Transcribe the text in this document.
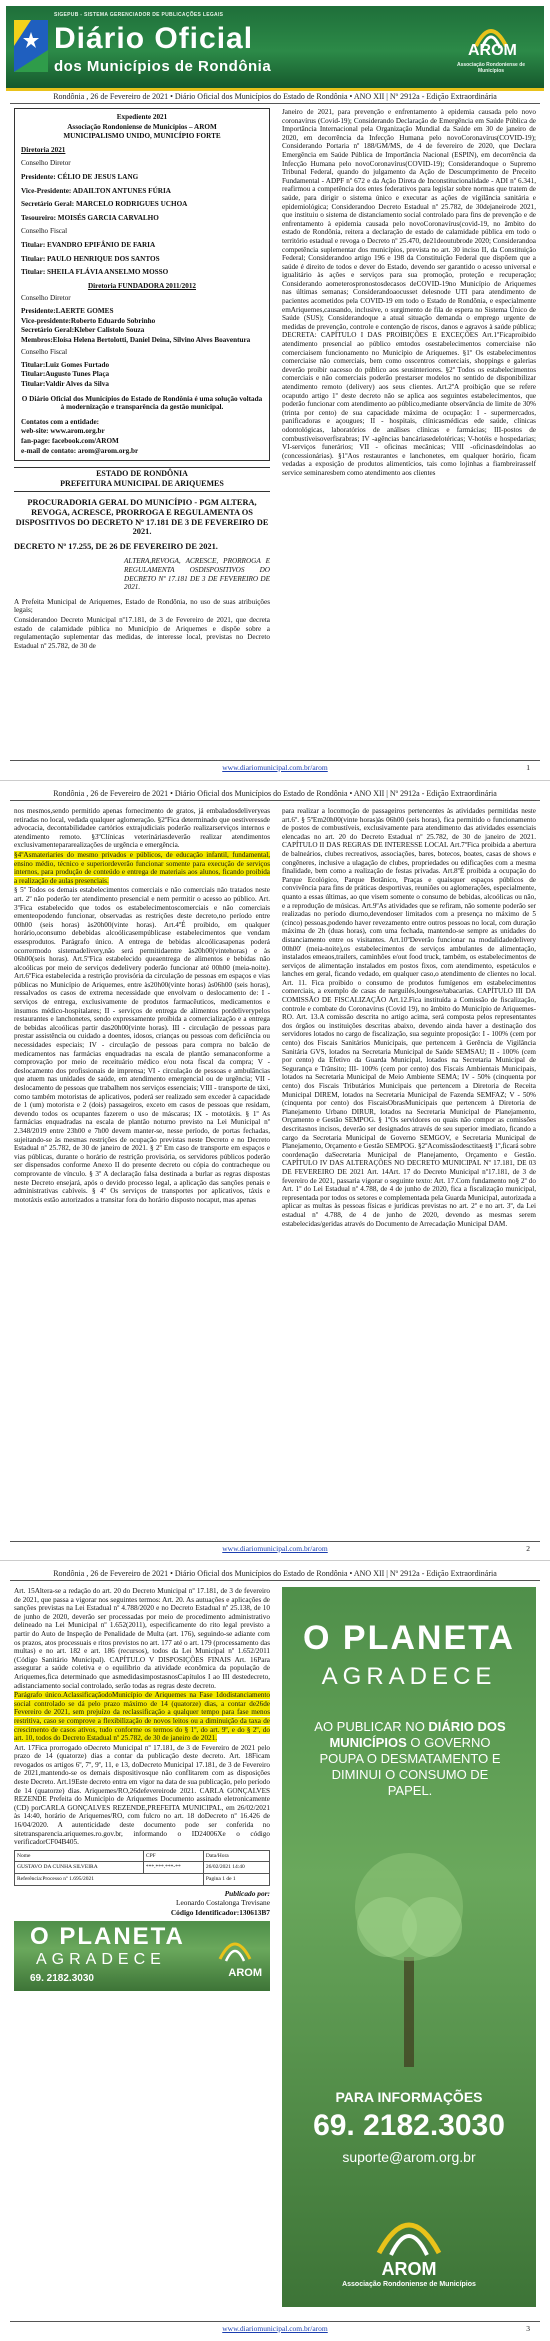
SIGEPUB - SISTEMA GERENCIADOR DE PUBLICAÇÕES LEGAIS
Diário Oficial
dos Municípios de Rondônia
AROM
Associação Rondoniense de Municípios
Rondônia , 26 de Fevereiro de 2021 • Diário Oficial dos Municípios do Estado de Rondônia • ANO XII | Nº 2912a - Edição Extraordinária

Expediente 2021

Associação Rondoniense de Municípios – AROM

MUNICIPALISMO UNIDO, MUNICÍPIO FORTE

Diretoria 2021

Conselho Diretor

Presidente: CÉLIO DE JESUS LANG

Vice-Presidente: ADAILTON ANTUNES FÚRIA

Secretário Geral: MARCELO RODRIGUES UCHOA

Tesoureiro: MOISÉS GARCIA CARVALHO

Conselho Fiscal

Titular: EVANDRO EPIFÂNIO DE FARIA

Titular: PAULO HENRIQUE DOS SANTOS

Titular: SHEILA FLÁVIA ANSELMO MOSSO

Diretoria FUNDADORA 2011/2012

Conselho Diretor

Presidente:LAERTE GOMES

Vice-presidente:Roberto Eduardo Sobrinho

Secretário Geral:Kleber Calistolo Souza

Membros:Eloísa Helena Bertolotti, Daniel Deina, Silvino Alves Boaventura

Conselho Fiscal

Titular:Luiz Gomes Furtado

Titular:Augusto Tunes Plaça

Titular:Valdir Alves da Silva

O Diário Oficial dos Municípios do Estado de Rondônia é uma solução voltada à modernização e transparência da gestão municipal.

Contatos com a entidade:

web-site: www.arom.org.br

fan-page: facebook.com/AROM

e-mail de contato: arom@arom.org.br

ESTADO DE RONDÔNIA

PREFEITURA MUNICIPAL DE ARIQUEMES

PROCURADORIA GERAL DO MUNICÍPIO - PGM ALTERA, REVOGA, ACRESCE, PRORROGA E REGULAMENTA OS DISPOSITIVOS DO DECRETO Nº 17.181 DE 3 DE FEVEREIRO DE 2021.

DECRETO Nº 17.255, DE 26 DE FEVEREIRO DE 2021.

ALTERA,REVOGA, ACRESCE, PRORROGA E REGULAMENTA OSDISPOSITIVOS DO DECRETO Nº 17.181 DE 3 DE FEVEREIRO DE 2021.

A Prefeita Municipal de Ariquemes, Estado de Rondônia, no uso de suas atribuições legais;

Considerandoo Decreto Municipal nº17.181, de 3 de Fevereiro de 2021, que decreta estado de calamidade pública no Município de Ariquemes e dispõe sobre a regulamentação suplementar das medidas, de interesse local, previstas no Decreto Estadual nº 25.782, de 30 de

Janeiro de 2021, para prevenção e enfrentamento à epidemia causada pelo novo coronavírus (Covid-19); Considerando Declaração de Emergência em Saúde Pública de Importância Internacional pela Organização Mundial da Saúde em 30 de janeiro de 2020, em decorrência da Infecção Humana pelo novoCoronavírus(COVID-19); Considerando Portaria nº 188/GM/MS, de 4 de fevereiro de 2020, que Declara Emergência em Saúde Pública de Importância Nacional (ESPIN), em decorrência da Infecção Humana pelo novoCoronavírus(COVID-19); Considerandoque o Supremo Tribunal Federal, quando do julgamento da Ação de Descumprimento de Preceito Fundamental - ADPF nº 672 e da Ação Direta de Inconstitucionalidade - ADI nº 6.341, reafirmou a competência dos entes federativos para legislar sobre normas que tratem de saúde, para dirigir o sistema único e executar as ações de vigilância sanitária e epidemiológica; Considerandoo Decreto Estadual nº 25.782, de 30dejaneirode 2021, que instituiu o sistema de distanciamento social controlado para fins de prevenção e de enfrentamento à epidemia causada pelo novoCoronavírus(covid-19, no âmbito do estado de Rondônia, reitera a declaração de estado de calamidade pública em todo o território estadual e revoga o Decreto nº 25.470, de21deoutubrode 2020; Considerandoa competência suplementar dos municípios, prevista no art. 30 inciso II, da Constituição Federal; Considerandoo artigo 196 e 198 da Constituição Federal que dispõem que a saúde é direito de todos e dever do Estado, devendo ser garantido o acesso universal e igualitário às ações e serviços para sua promoção, proteção e recuperação; Considerando aometerospronostosdecasos deCOVID-19no Município de Ariquemes nas últimas semanas; Considerandoaocusset delesnode UTI para atendimento de pacientes acometidos pela COVID-19 em todo o Estado de Rondônia, e especialmente emAriquemes,causando, inclusive, o surgimento de fila de espera no Sistema Único de Saúde (SUS); Considerandoque a atual situação demanda o emprego urgente de medidas de prevenção, controle e contenção de riscos, danos e agravos à saúde pública; DECRETA: CAPÍTULO I DAS PROIBIÇÕES E EXCEÇÕES Art.1ºFicaproibido atendimento presencial ao público emtodos osestabelecimentos comerciaise não comerciaisem funcionamento no Município de Ariquemes. §1º Os estabelecimentos comerciaise não comerciais, bem como osscentros comerciais, shoppings e galerias deverão proibir oacesso do público aos seusinteriores. §2º Todos os estabelecimentos comerciais e não comerciais poderão prestarser modelos no sentido de disponibilizar atendimento remoto (delivery) aos seus clientes. Art.2ºA proibição que se refere ocaputdo artigo 1º deste decreto não se aplica aos seguintes estabelecimentos, que poderão funcionar com atendimento ao público,mediante observância de limite de 30% (trinta por cento) de sua capacidade máxima de ocupação: I - supermercados, panificadoras e açougues; II - hospitais, clínicasmédicas ede saúde, clínicas odontológicas, laboratórios de análises clínicas e farmácias; III-postos de combustíveisoverfisrabras; IV -agências bancáriasedelotéricas; V-hotéis e hospedarias; VI-serviços funerários; VII - oficinas mecânicas; VIII -oficinasdeíndolas ao (concessionárias). §1ºAos restaurantes e lanchonetes, em qualquer horário, ficam vedadas a exposição de produtos alimentícios, tais como lojinhas a fiambreirasself service seminaresbem como atendimento aos clientes

www.diariomunicipal.com.br/arom	1
Rondônia , 26 de Fevereiro de 2021 • Diário Oficial dos Municípios do Estado de Rondônia • ANO XII | Nº 2912a - Edição Extraordinária

nos mesmos,sendo permitido apenas fornecimento de gratos, já embaladosdeliveryeas retiradas no local, vedada qualquer aglomeração. §2ºFica determinado que oestiveressde advocacia, decontabilidadee cartórios extrajudiciais poderão realizarserviços internos e atendimento remoto. §3ºClínicas veterináriasdeverão realizar atendimentos exclusivamentepararealizações de urgência e emergência.

§4ºAsmateriaries do mesmo privados e públicos, de educação infantil, fundamental, ensino médio, técnico e superiordeverão funcionar somente para execução de serviços internos, para produção de conteúdo e entrega de materiais aos alunos, ficando proibida a realização de aulas presenciais.

§ 5º Todos os demais estabelecimentos comerciais e não comerciais não tratados neste art. 2º não poderão ter atendimento presencial e nem permitir o acesso ao público. Art. 3ºFica estabelecido que todos os estabelecimentoscomerciais e não comerciais ementeopodendo funcionar, observadas as restrições deste decreto,no período entre 00h00 (seis horas) às20h00(vinte horas). Art.4ºÉ proibido, em qualquer horário,oconsumo debebidas alcoólicasempúblicase estabelecimentos que vendam essesprodutos. Parágrafo único. A entrega de bebidas alcoólicasapenas poderá ocorrermodo sistemadelivery,não será permitidaentre às20h00(vintehoras) e às 06h00(seis horas). Art.5ºFica estabelecido queaentrega de alimentos e bebidas não alcoólicas por meio de serviços dedelivery poderão funcionar até 00h00 (meia-noite). Art.6ºFica estabelecida a restrição provisória da circulação de pessoas em espaços e vias públicas no Município de Ariquemes, entre às20h00(vinte horas) às06h00 (seis horas), ressalvados os casos de extrema necessidade que envolvam o deslocamento de: I - serviços de entrega, exclusivamente de produtos farmacêuticos, medicamentos e insumos médico-hospitalares; II - serviços de entrega de alimentos pordeliverypelos restaurantes e lanchonetes, sendo expressamente proibida a comercialização e a entrega de bebidas alcoólicas partir das20h00(vinte horas). III - circulação de pessoas para prestar assistência ou cuidado a doentes, idosos, crianças ou pessoas com deficiência ou necessidades especiais; IV - circulação de pessoas para compra no balcão de medicamentos nas farmácias enquadradas na escala de plantão semanaconforme a comprovação por meio de receituário médico e/ou nota fiscal da compra; V - deslocamento dos profissionais de imprensa; VI - circulação de pessoas e ambulâncias que atuem nas unidades de saúde, em atendimento emergencial ou de urgência; VII - deslocamento de pessoas que trabalhem nos serviços essenciais; VIII - transporte de táxi, como também motoristas de aplicativos, poderá ser realizado sem exceder à capacidade de 1 (um) motorista e 2 (dois) passageiros, exceto em casos de pessoas que residam, devendo todos os ocupantes fazerem o uso de máscaras; IX - mototáxis. § 1º As farmácias enquadradas na escala de plantão noturno previsto na Lei Municipal nº 2.348/2019 entre 23h00 e 7h00 devem manter-se, nesse período, de portas fechadas, sujeitando-se às mesmas restrições de ocupação previstas neste Decreto e no Decreto Estadual nº 25.782, de 30 de janeiro de 2021. § 2º Em caso de transporte em espaços e vias públicas, durante o horário de restrição provisória, os servidores públicos poderão ser dispensados conforme Anexo II do presente decreto ou cópia do contracheque ou comprovante de vínculo. § 3º A declaração falsa destinada a burlar as regras dispostas neste Decreto ensejará, após o devido processo legal, a aplicação das sanções penais e administrativas cabíveis. § 4º Os serviços de transportes por aplicativos, táxis e mototáxis estão autorizados a transitar fora do horário disposto nocaput, mas apenas

para realizar a locomoção de passageiros pertencentes às atividades permitidas neste art.6º. § 5ºEm20h00(vinte horas)às 06h00 (seis horas), fica permitido o funcionamento de postos de combustíveis, exclusivamente para atendimento das atividades essenciais elencadas no art. 20 do Decreto Estadual nº 25.782, de 30 de janeiro de 2021. CAPÍTULO II DAS REGRAS DE INTERESSE LOCAL Art.7ºFica proibida a abertura de balneários, clubes recreativos, associações, bares, botecos, boates, casas de shows e congêneres, inclusive a ulagação de clubes, propriedades ou edificações com a mesma finalidade, bem como a realização de festas privadas. Art.8ºÉ proibida a ocupação do Parque Ecológico, Parque Botânico, Praças e quaisquer espaços públicos de convivência para fins de práticas desportivas, reuniões ou aglomerações, especialmente, quanto a essas últimas, ao que visem somente o consumo de bebidas, alcoólicas ou não, e a reprodução de músicas. Art.9ºAs atividades que se refiram, não somente poderão ser realizadas no período diurno,devendoser limitados com a presença no máximo de 5 (cinco) pessoas,podendo haver revezamento entre outros pessoas no local, com duração máxima de 2h (duas horas), com uma fechada, mantendo-se sempre as unidades do distanciamento entre os visitantes. Art.10ºDeverão funcionar na modalidadedelivery 00h00' (meia-noite),os estabelecimentos de serviços ambulantes de alimentação, instalados emeaos,trailers, caminhões e/out food truck, também, os estabelecimentos de serviços de alimentação instalados em postos fixos, com atendimento, espetáculos e lanches em geral, ficando vedado, em qualquer caso,o atendimento de clientes no local. Art. 11. Fica proibido o consumo de produtos fumígenos em estabelecimentos comerciais, a exemplo de casas de narguilés,loungese/tabacarias. CAPÍTULO III DA COMISSÃO DE FISCALIZAÇÃO Art.12.Fica instituída a Comissão de fiscalização, controle e combate do Coronavírus (Covid 19), no âmbito do Município de Ariquemes-RO. Art. 13.A comissão descrita no artigo acima, será composta pelos representantes dos órgãos ou instituições descritas abaixo, devendo ainda haver a destinação dos servidores lotados no cargo de fiscalização, sua seguinte proposição: I - 100% (cem por cento) dos Fiscais Sanitários Municipais, que pertencem à Gerência de Vigilância Sanitária GVS, lotados na Secretaria Municipal de Saúde SEMSAU; II - 100% (cem por cento) da Efetivo da Guarda Municipal, lotados na Secretaria Municipal de Segurança e Trânsito; III- 100% (cem por cento) dos Fiscais Ambientais Municipais, lotados na Secretaria Municipal de Meio Ambiente SEMA; IV - 50% (cinquenta por cento) dos Fiscais Tributários Municipais que pertencem a Diretoria de Receita Municipal DIREM, lotados na Secretaria Municipal de Fazenda SEMFAZ; V - 50% (cinquenta por cento) dos FiscaisObrasMunicipais que pertencem à Diretoria de Planejamento Urbano DIRUR, lotados na Secretaria Municipal de Planejamento, Orçamento e Gestão SEMPOG. § 1ºOs servidores ou quais não compor as comissões descritasnos incisos, deverão ser designados através de seu superior imediato, ficando a cargo da Secretaria Municipal de Governo SEMGOV, e Secretaria Municipal de Planejamento, Orçamento e Gestão SEMPOG. §2ºAcomissãodesctitaest§ 1º,ficará sobre coordenação daSecretaria Municipal de Planejamento, Orçamento e Gestão. CAPÍTULO IV DAS ALTERAÇÕES NO DECRETO MUNICIPAL Nº 17.181, DE 03 DE FEVEREIRO DE 2021 Art. 14Art. 17 do Decreto Municipal nº17.181, de 3 de fevereiro de 2021, passaria vigorar o seguinte texto: Art. 17.Com fundamento no§ 2º do Art. 1º do Lei Estadual nº 4.788, de 4 de junho de 2020, fica a fiscalização municipal, representada por todos os setores e complementada pela Guarda Municipal, autorizada a aplicar as multas às pessoas físicas e jurídicas previstas no art. 2º e no art. 3º, da Lei estadual nº 4.788, de 4 de junho de 2020, devendo as mesmas serem estabelecidas/geridas através do Documento de Arrecadação Municipal DAM.

www.diariomunicipal.com.br/arom	2
Rondônia , 26 de Fevereiro de 2021 • Diário Oficial dos Municípios do Estado de Rondônia • ANO XII | Nº 2912a - Edição Extraordinária

Art. 15Altera-se a redação do art. 20 do Decreto Municipal nº 17.181, de 3 de fevereiro de 2021, que passa a vigorar nos seguintes termos: Art. 20. As autuações e aplicações de sanções previstas na Lei Estadual nº 4.788/2020 e no Decreto Estadual nº 25.138, de 10 de junho de 2020, deverão ser processadas por meio de procedimento administrativo delineado na Lei Municipal nº 1.652(2011), especificamente do rito legal previsto a partir do Auto de Inspeção de Penalidade de Multa (art. 176), seguindo-se adiante com os prazos, atos processuais e ritos previstos no art. 177 até o art. 179 (processamento das multas) e no art. 182 e art. 186 (recursos), todos da Lei Municipal nº 1.652/2011 (Código Sanitário Municipal). CAPÍTULO V DISPOSIÇÕES FINAIS Art. 16Para assegurar a saúde coletiva e o equilíbrio da atividade econômica da população de Ariquemes,fica determinado que asmedidasimpostasnosCapítulos I ao III destedecreto, adistanciamento social controlado, serão todas as regras deste decreto.

Parágrafo único.AclassificaçãodoMunicípio de Ariquemes na Fase 1dodistanciamento social controlado se dá pelo prazo máximo de 14 (quatorze) dias, a contar de26de Fevereiro de 2021, sem prejuízo da reclassificação a qualquer tempo para fase menos restritiva, caso se comprove a flexibilização de novos leitos ou a diminuição da taxa de crescimento de casos ativos, tudo conforme os termos do § 1º, do art. 9º, e do § 2º, do art. 10, todos do Decreto Estadual nº 25.782, de 30 de janeiro de 2021.

Art. 17Fica prorrogado oDecreto Municipal nº 17.181, de 3 de Fevereiro de 2021 pelo prazo de 14 (quatorze) dias a contar da publicação deste decreto. Art. 18Ficam revogados os artigos 6º, 7º, 9º, 11, e 13, doDecreto Municipal 17.181, de 3 de Fevereiro de 2021,mantendo-se os demais dispositivosque não conflitarem com as disposições deste Decreto. Art.19Este decreto entra em vigor na data de sua publicação, pelo período de 14 (quatorze) dias. Ariquemes/RO,26defevereirode 2021. CARLA GONÇALVES REZENDE Prefeita do Município de Ariquemes Documento assinado eletronicamente (CD) porCARLA GONÇALVES REZENDE,PREFEITA MUNICIPAL, em 26/02/2021 às 14:40, horário de Ariquemes/RO, com fulcro no art. 18 doDecreto nº 16.426 de 16/04/2020. A autenticidade deste documento pode ser conferida no sitetransparencia.ariquemes.ro.gov.br, informando o ID24006Xe o código verificadorCF04B405.

Nome	CPF	Data/Hora
GUSTAVO DA CUNHA SILVEIRA	***.***.***-**	26/02/2021 14:40
Referência:Processo nº 1.695/2021		Pagina 1 de 1

Publicado por:

Leonardo Costalonga Trevisane

Código Identificador:130613B7

O PLANETA
AGRADECE
69. 2182.3030	AROM
O PLANETA
AGRADECE
AO PUBLICAR NO DIÁRIO DOS MUNICÍPIOS O GOVERNO POUPA O DESMATAMENTO E DIMINUI O CONSUMO DE PAPEL.
PARA INFORMAÇÕES
69. 2182.3030
suporte@arom.org.br
AROM
Associação Rondoniense de Municípios
www.diariomunicipal.com.br/arom	3
